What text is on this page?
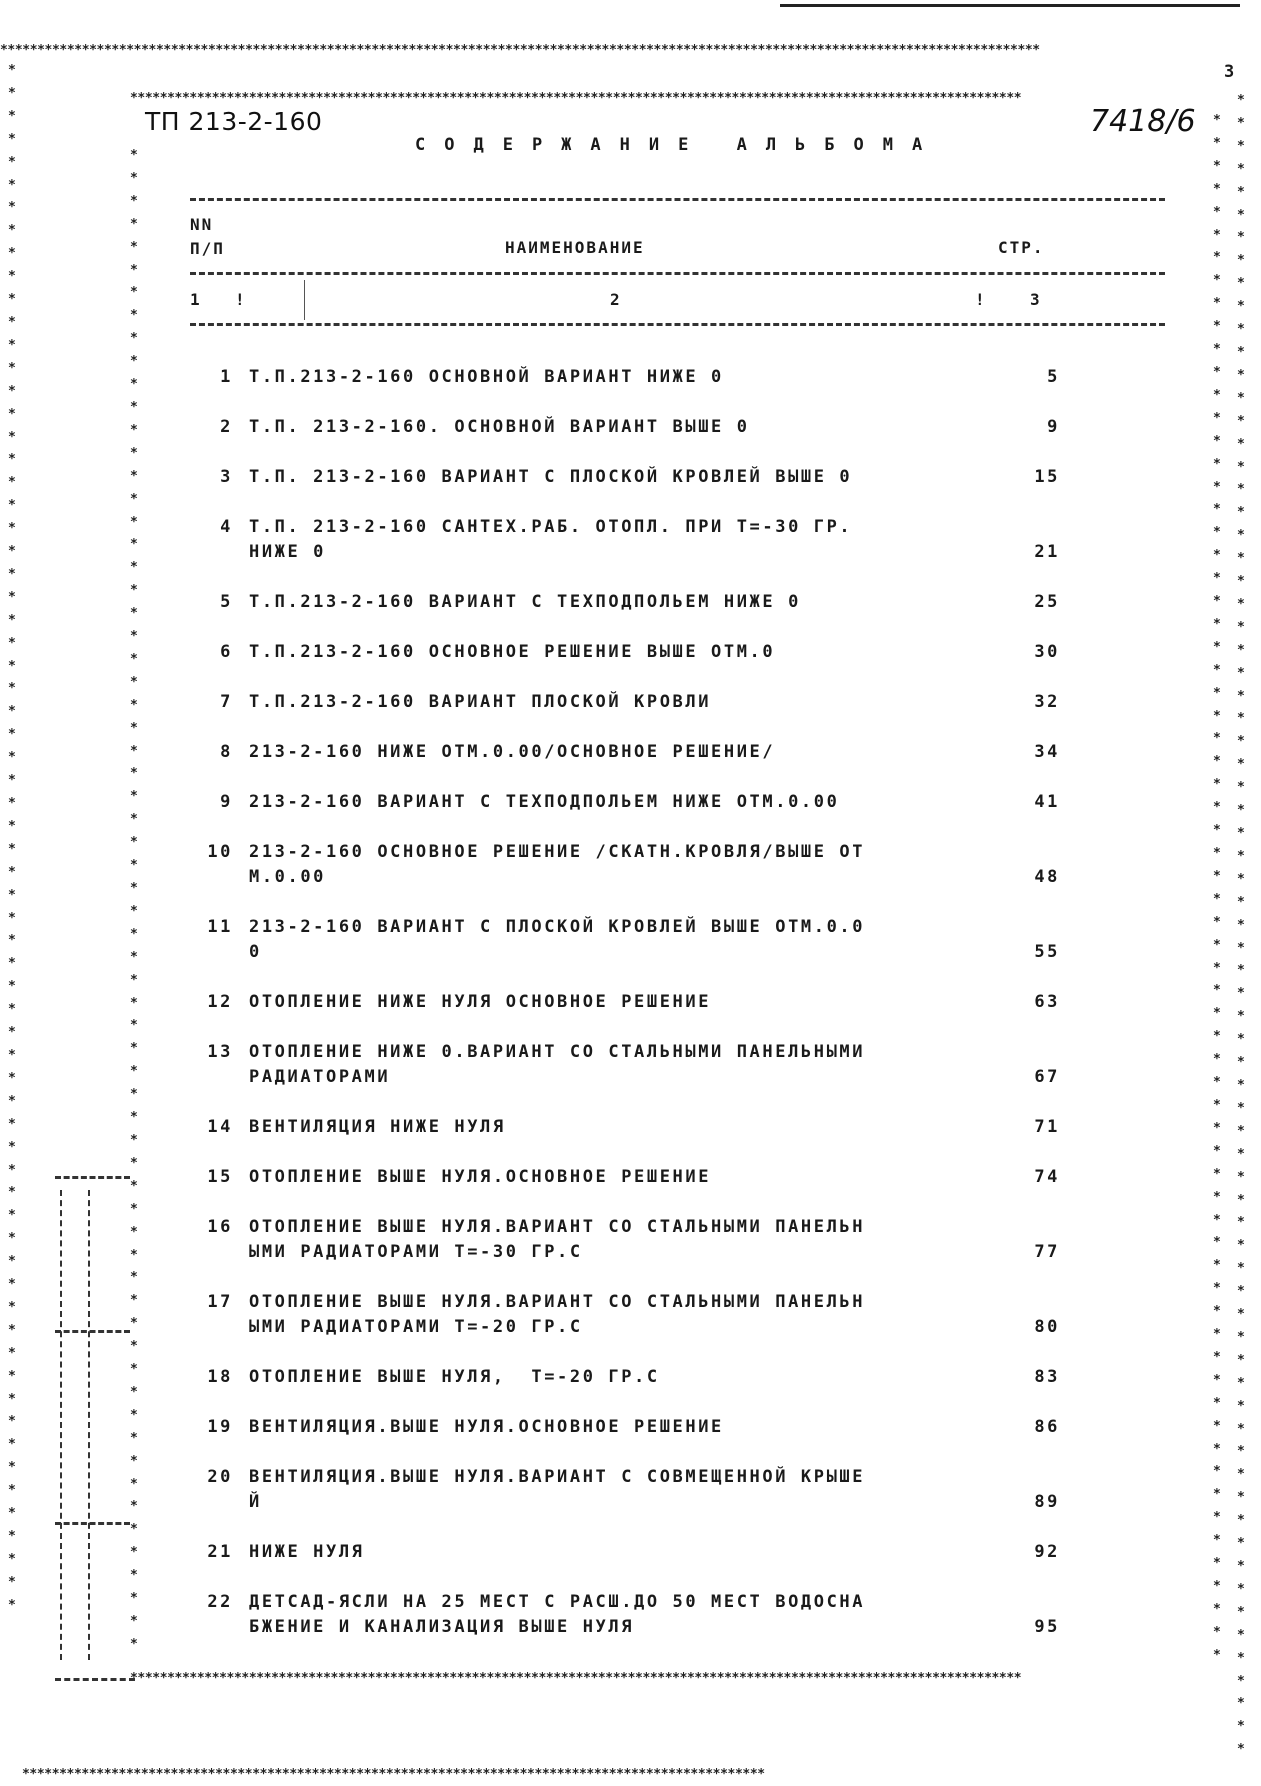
********************************************************************************************************************************************
*
*
*
*
*
*
*
*
*
*
*
*
*
*
*
*
*
*
*
*
*
*
*
*
*
*
*
*
*
*
*
*
*
*
*
*
*
*
*
*
*
*
*
*
*
*
*
*
*
*
*
*
*
*
*
*
*
*
*
*
*
*
*
*
*
*
*
*
*
*
*
*
*
*
*
*
*
*
*
*
*
*
*
*
*
*
*
*
*
*
*
*
*
*
*
*
*
*
*
*
*
*
*
*
*
*
*
*
*
*
*
*
*
*
*
*
*
*
*
*
*
*
*
*
*
*
*
*
*
*
*
*
*
*
*
*
*
*
*
*
*
****************************************************************************************************
************************************************************************************************************************
*
*
*
*
*
*
*
*
*
*
*
*
*
*
*
*
*
*
*
*
*
*
*
*
*
*
*
*
*
*
*
*
*
*
*
*
*
*
*
*
*
*
*
*
*
*
*
*
*
*
*
*
*
*
*
*
*
*
*
*
*
*
*
*
*
*
*
*
*
*
*
*
*
*
*
*
*
*
*
*
*
*
*
*
*
*
*
*
*
*
*
*
*
*
*
*
*
*
*
*
*
*
*
*
*
*
*
*
*
*
*
*
*
*
*
*
*
*
*
*
*
*
*
*
*
*
*
*
*
*
*
*
*
*
************************************************************************************************************************
3
ТП 213-2-160	7418/6
СОДЕРЖАНИЕ АЛЬБОМА
NN
П/П	НАИМЕНОВАНИЕ	СТР.
1 !	2	!	3
1 Т.П.213-2-160 ОСНОВНОЙ ВАРИАНТ НИЖЕ 0	5
2 Т.П. 213-2-160. ОСНОВНОЙ ВАРИАНТ ВЫШЕ 0	9
3 Т.П. 213-2-160 ВАРИАНТ С ПЛОСКОЙ КРОВЛЕЙ ВЫШЕ 0	15
4 Т.П. 213-2-160 САНТЕХ.РАБ. ОТОПЛ. ПРИ Т=-30 ГР.
НИЖЕ 0	21
5 Т.П.213-2-160 ВАРИАНТ С ТЕХПОДПОЛЬЕМ НИЖЕ 0	25
6 Т.П.213-2-160 ОСНОВНОЕ РЕШЕНИЕ ВЫШЕ ОТМ.0	30
7 Т.П.213-2-160 ВАРИАНТ ПЛОСКОЙ КРОВЛИ	32
8 213-2-160 НИЖЕ ОТМ.0.00/ОСНОВНОЕ РЕШЕНИЕ/	34
9 213-2-160 ВАРИАНТ С ТЕХПОДПОЛЬЕМ НИЖЕ ОТМ.0.00	41
10 213-2-160 ОСНОВНОЕ РЕШЕНИЕ /СКАТН.КРОВЛЯ/ВЫШЕ ОТ
М.0.00	48
11 213-2-160 ВАРИАНТ С ПЛОСКОЙ КРОВЛЕЙ ВЫШЕ ОТМ.0.0
0	55
12 ОТОПЛЕНИЕ НИЖЕ НУЛЯ ОСНОВНОЕ РЕШЕНИЕ	63
13 ОТОПЛЕНИЕ НИЖЕ 0.ВАРИАНТ СО СТАЛЬНЫМИ ПАНЕЛЬНЫМИ
РАДИАТОРАМИ	67
14 ВЕНТИЛЯЦИЯ НИЖЕ НУЛЯ	71
15 ОТОПЛЕНИЕ ВЫШЕ НУЛЯ.ОСНОВНОЕ РЕШЕНИЕ	74
16 ОТОПЛЕНИЕ ВЫШЕ НУЛЯ.ВАРИАНТ СО СТАЛЬНЫМИ ПАНЕЛЬН
ЫМИ РАДИАТОРАМИ Т=-30 ГР.С	77
17 ОТОПЛЕНИЕ ВЫШЕ НУЛЯ.ВАРИАНТ СО СТАЛЬНЫМИ ПАНЕЛЬН
ЫМИ РАДИАТОРАМИ Т=-20 ГР.С	80
18 ОТОПЛЕНИЕ ВЫШЕ НУЛЯ,  Т=-20 ГР.С	83
19 ВЕНТИЛЯЦИЯ.ВЫШЕ НУЛЯ.ОСНОВНОЕ РЕШЕНИЕ	86
20 ВЕНТИЛЯЦИЯ.ВЫШЕ НУЛЯ.ВАРИАНТ С СОВМЕЩЕННОЙ КРЫШЕ
Й	89
21 НИЖЕ НУЛЯ	92
22 ДЕТСАД-ЯСЛИ НА 25 МЕСТ С РАСШ.ДО 50 МЕСТ ВОДОСНА
БЖЕНИЕ И КАНАЛИЗАЦИЯ ВЫШЕ НУЛЯ	95
